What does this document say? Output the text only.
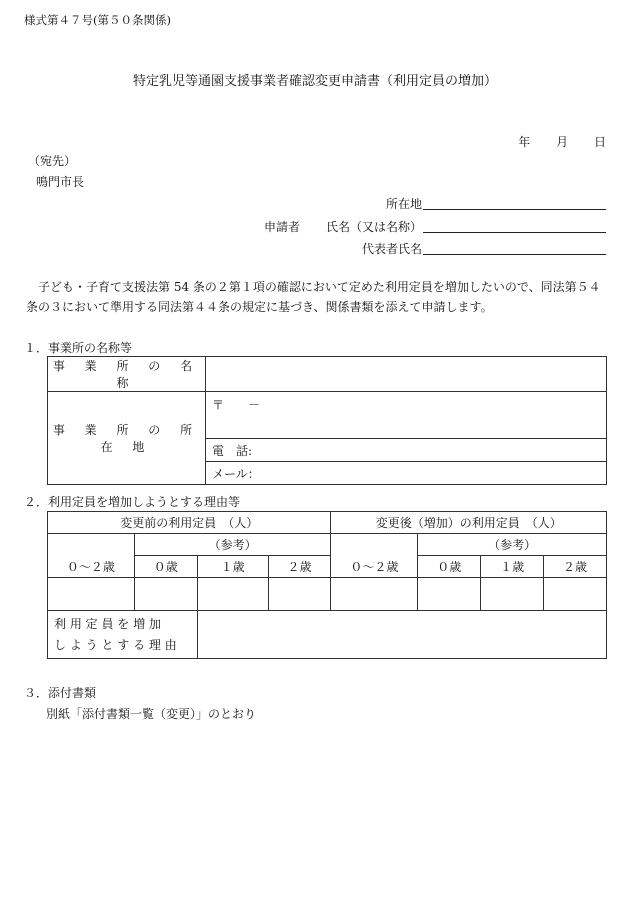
様式第４７号(第５０条関係)
特定乳児等通園支援事業者確認変更申請書（利用定員の増加）
年 月 日
（宛先）
鳴門市長
所在地
申請者 氏名（又は名称）
代表者氏名
子ども・子育て支援法第 54 条の２第１項の確認において定めた利用定員を増加したいので、同法第５４条の３において準用する同法第４４条の規定に基づき、関係書類を添えて申請します。
１．事業所の名称等
事 業 所 の 名 称	
事 業 所 の 所 在 地	〒　　－
	電　話:
	メール：
２．利用定員を増加しようとする理由等
変更前の利用定員　（人）				変更後（増加）の利用定員　（人）			
	（参考）				（参考）		
０～２歳	０歳	１歳	２歳	０～２歳	０歳	１歳	２歳

利 用 定 員 を 増 加
し よ う と す る 理 由							

３．添付書類
別紙「添付書類一覧（変更）」のとおり
